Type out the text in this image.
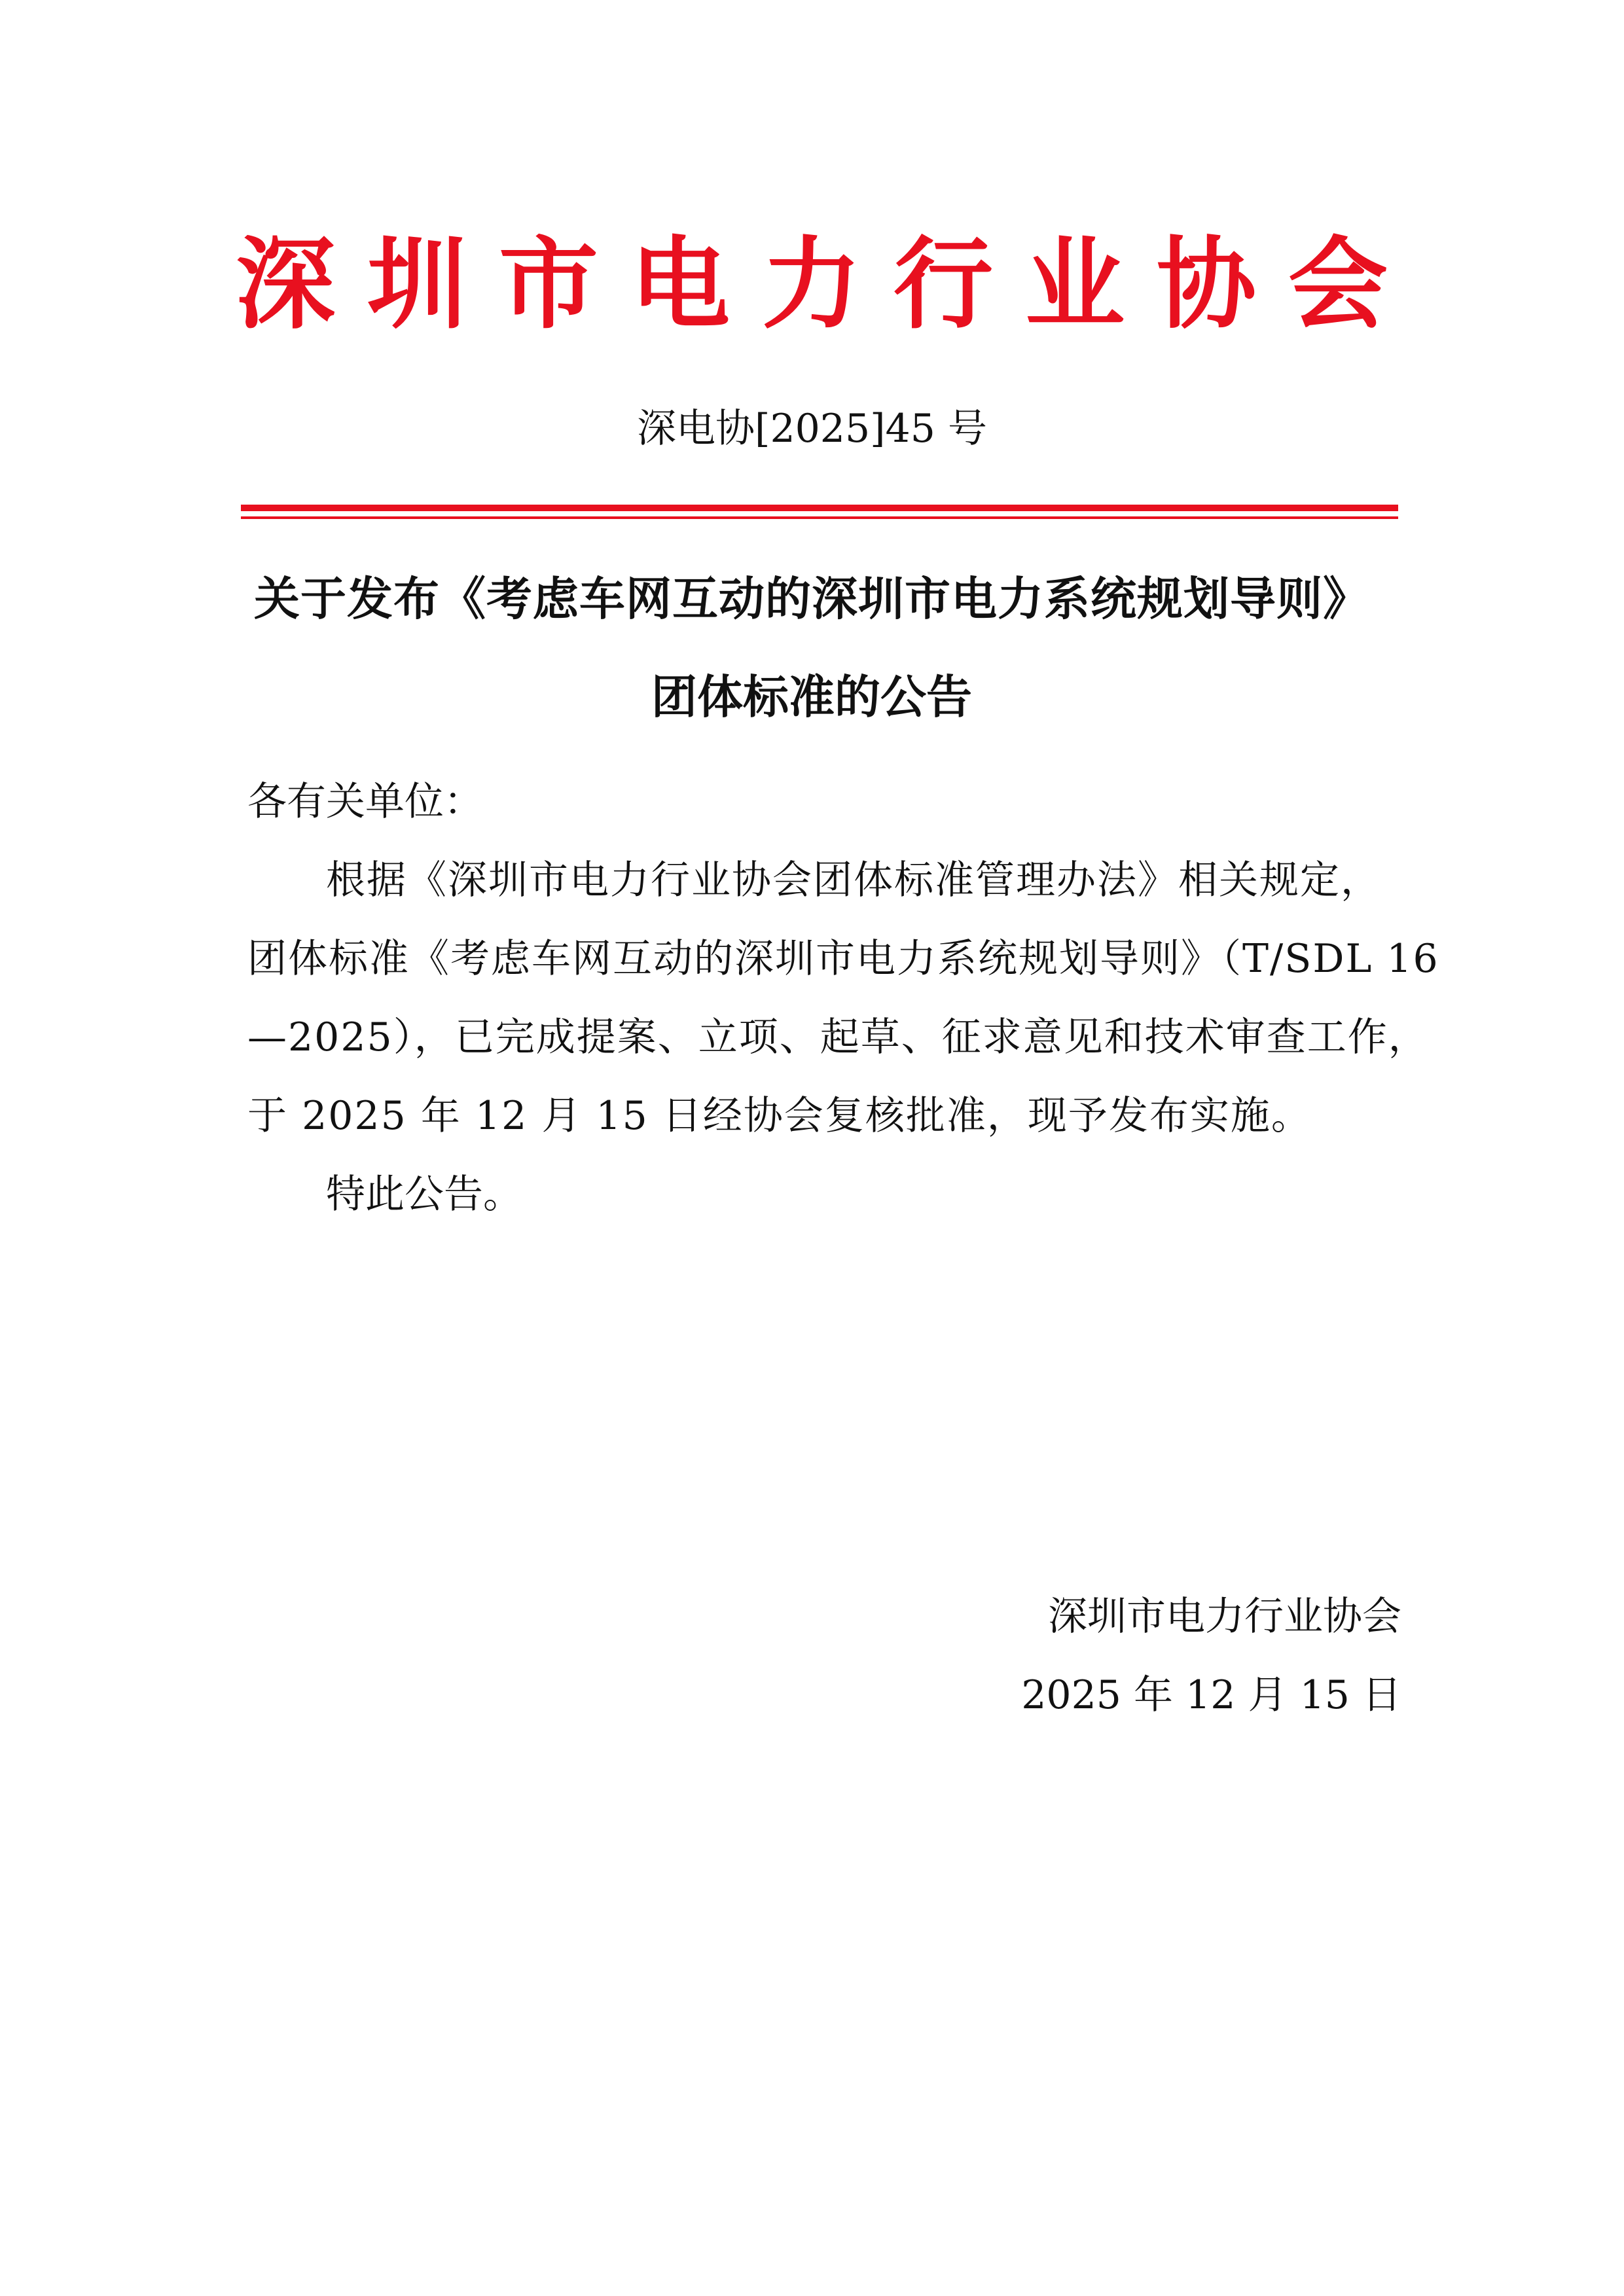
深 圳 市 电 力 行 业 协 会
深电协[2025]45 号
关于发布《考虑车网互动的深圳市电力系统规划导则》
团体标准的公告
各有关单位：
根据《深圳市电力行业协会团体标准管理办法》相关规定，
团体标准《考虑车网互动的深圳市电力系统规划导则》（T/SDL 16
—2025），已完成提案、立项、起草、征求意见和技术审查工作，
于 2025 年 12 月 15 日经协会复核批准，现予发布实施。
特此公告。
深圳市电力行业协会
2025 年 12 月 15 日
